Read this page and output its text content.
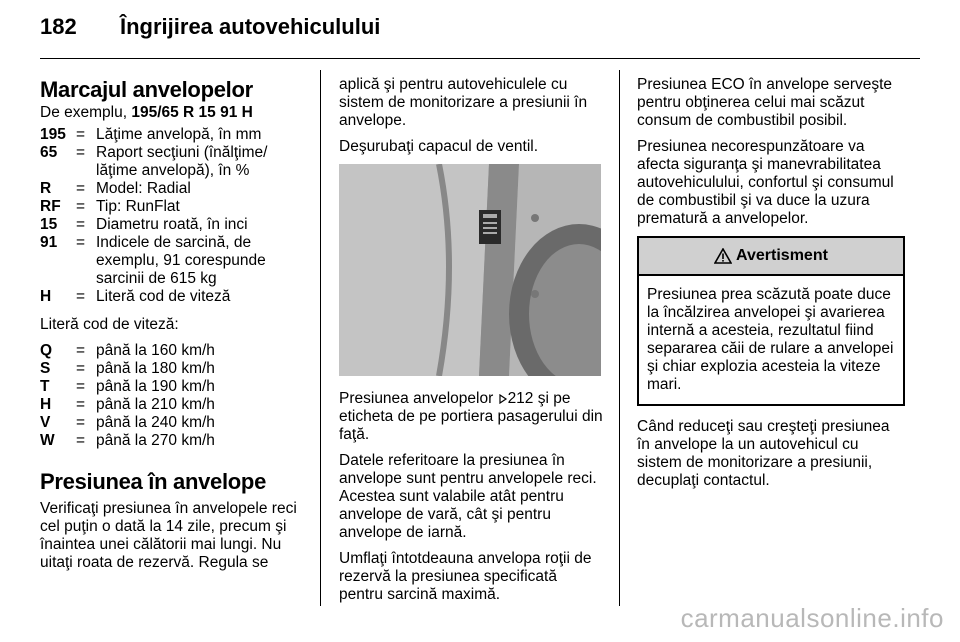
182 Îngrijirea autovehiculului
Marcajul anvelopelor

De exemplu, 195/65 R 15 91 H

195 = Lăţime anvelopă, în mm
65	= Raport secţiuni (înălţime/ lăţime anvelopă), în %
R	= Model: Radial
RF = Tip: RunFlat
15	= Diametru roată, în inci
91	= Indicele de sarcină, de exemplu, 91 corespunde sarcinii de 615 kg
H	= Literă cod de viteză

Literă cod de viteză:

Q	= până la 160 km/h
S	= până la 180 km/h
T	= până la 190 km/h
H	= până la 210 km/h
V	= până la 240 km/h
W	= până la 270 km/h
Presiunea în anvelope

Verificaţi presiunea în anvelopele reci cel puţin o dată la 14 zile, precum şi înaintea unei călătorii mai lungi. Nu uitaţi roata de rezervă. Regula se

aplică şi pentru autovehiculele cu sistem de monitorizare a presiunii în anvelope.

Deşurubaţi capacul de ventil.

Presiunea anvelopelor 212 şi pe eticheta de pe portiera pasagerului din faţă.

Datele referitoare la presiunea în anvelope sunt pentru anvelopele reci. Acestea sunt valabile atât pentru anvelope de vară, cât şi pentru anvelope de iarnă.

Umflaţi întotdeauna anvelopa roţii de rezervă la presiunea specificată pentru sarcină maximă.

Presiunea ECO în anvelope serveşte pentru obţinerea celui mai scăzut consum de combustibil posibil.

Presiunea necorespunzătoare va afecta siguranţa şi manevrabilitatea autovehiculului, confortul şi consumul de combustibil şi va duce la uzura prematură a anvelopelor.

Avertisment
Presiunea prea scăzută poate duce la încălzirea anvelopei şi avarierea internă a acesteia, rezultatul fiind separarea căii de rulare a anvelopei şi chiar explozia acesteia la viteze mari.

Când reduceţi sau creşteţi presiunea în anvelope la un autovehicul cu sistem de monitorizare a presiunii, decuplaţi contactul.

carmanualsonline.info
